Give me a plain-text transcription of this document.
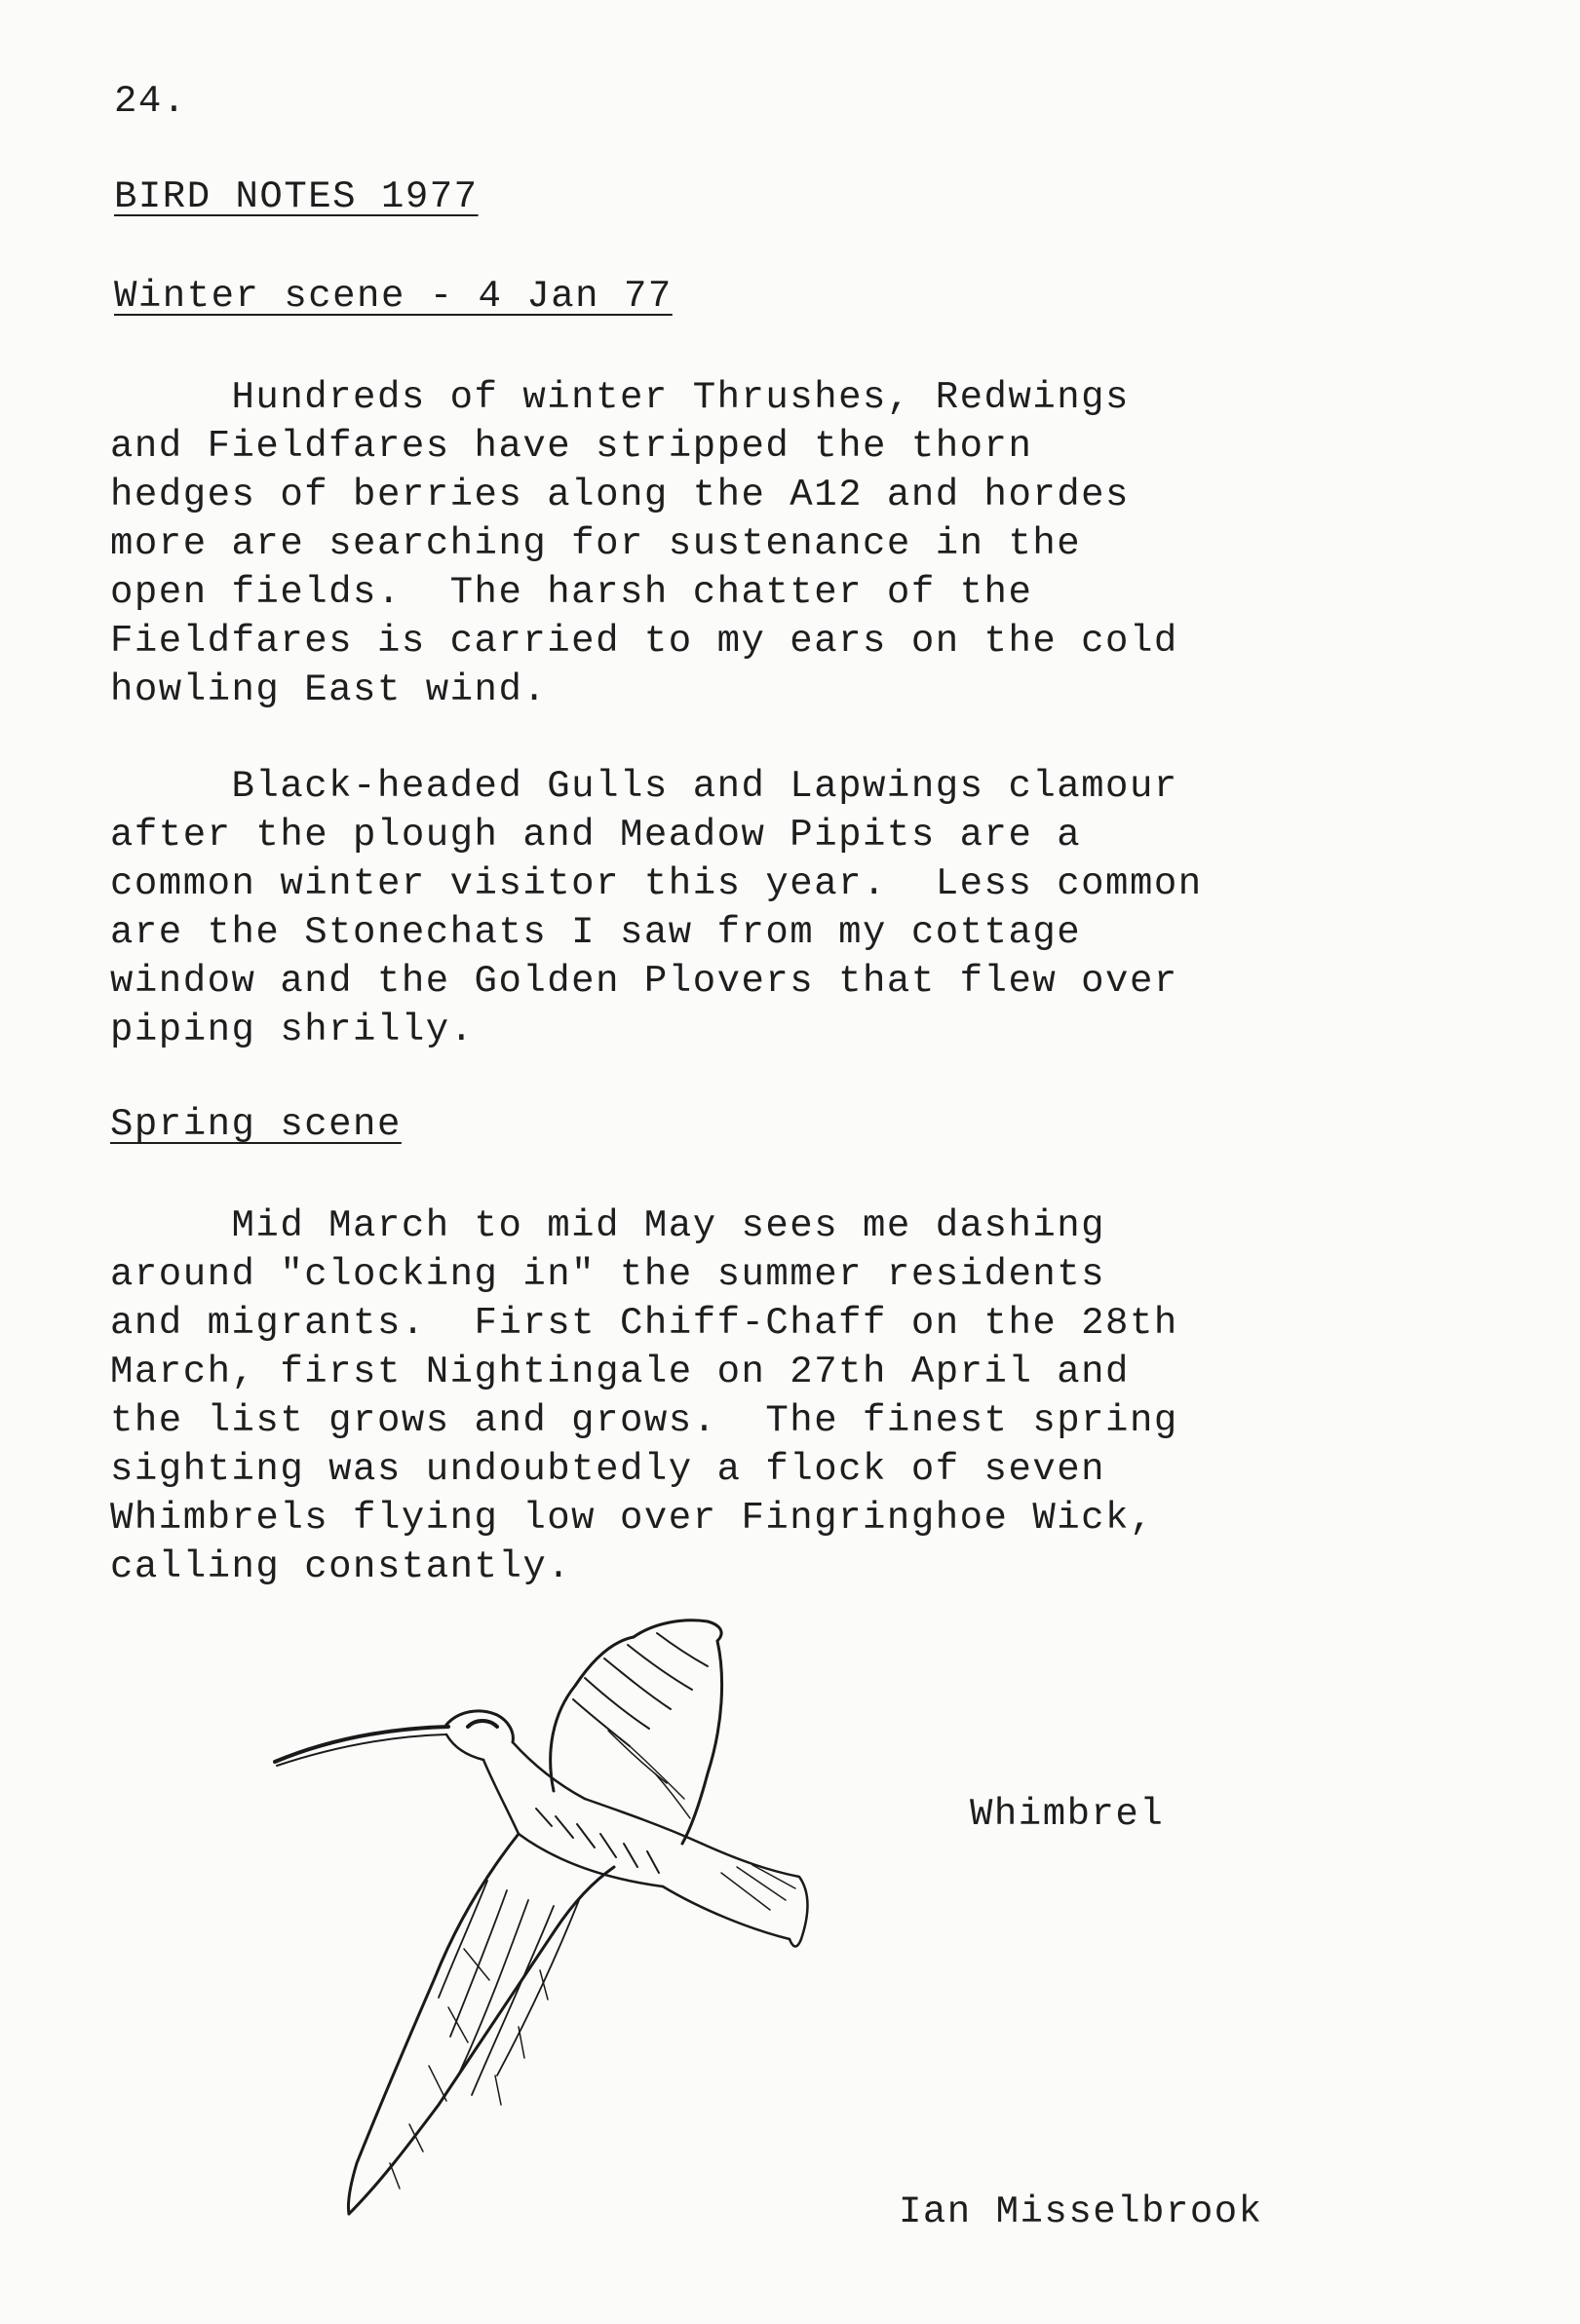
24.
BIRD NOTES 1977
Winter scene - 4 Jan 77
Hundreds of winter Thrushes, Redwings
and Fieldfares have stripped the thorn
hedges of berries along the A12 and hordes
more are searching for sustenance in the
open fields.  The harsh chatter of the
Fieldfares is carried to my ears on the cold
howling East wind.
Black-headed Gulls and Lapwings clamour
after the plough and Meadow Pipits are a
common winter visitor this year.  Less common
are the Stonechats I saw from my cottage
window and the Golden Plovers that flew over
piping shrilly.
Spring scene
Mid March to mid May sees me dashing
around "clocking in" the summer residents
and migrants.  First Chiff-Chaff on the 28th
March, first Nightingale on 27th April and
the list grows and grows.  The finest spring
sighting was undoubtedly a flock of seven
Whimbrels flying low over Fingringhoe Wick,
calling constantly.
Whimbrel
Ian Misselbrook
